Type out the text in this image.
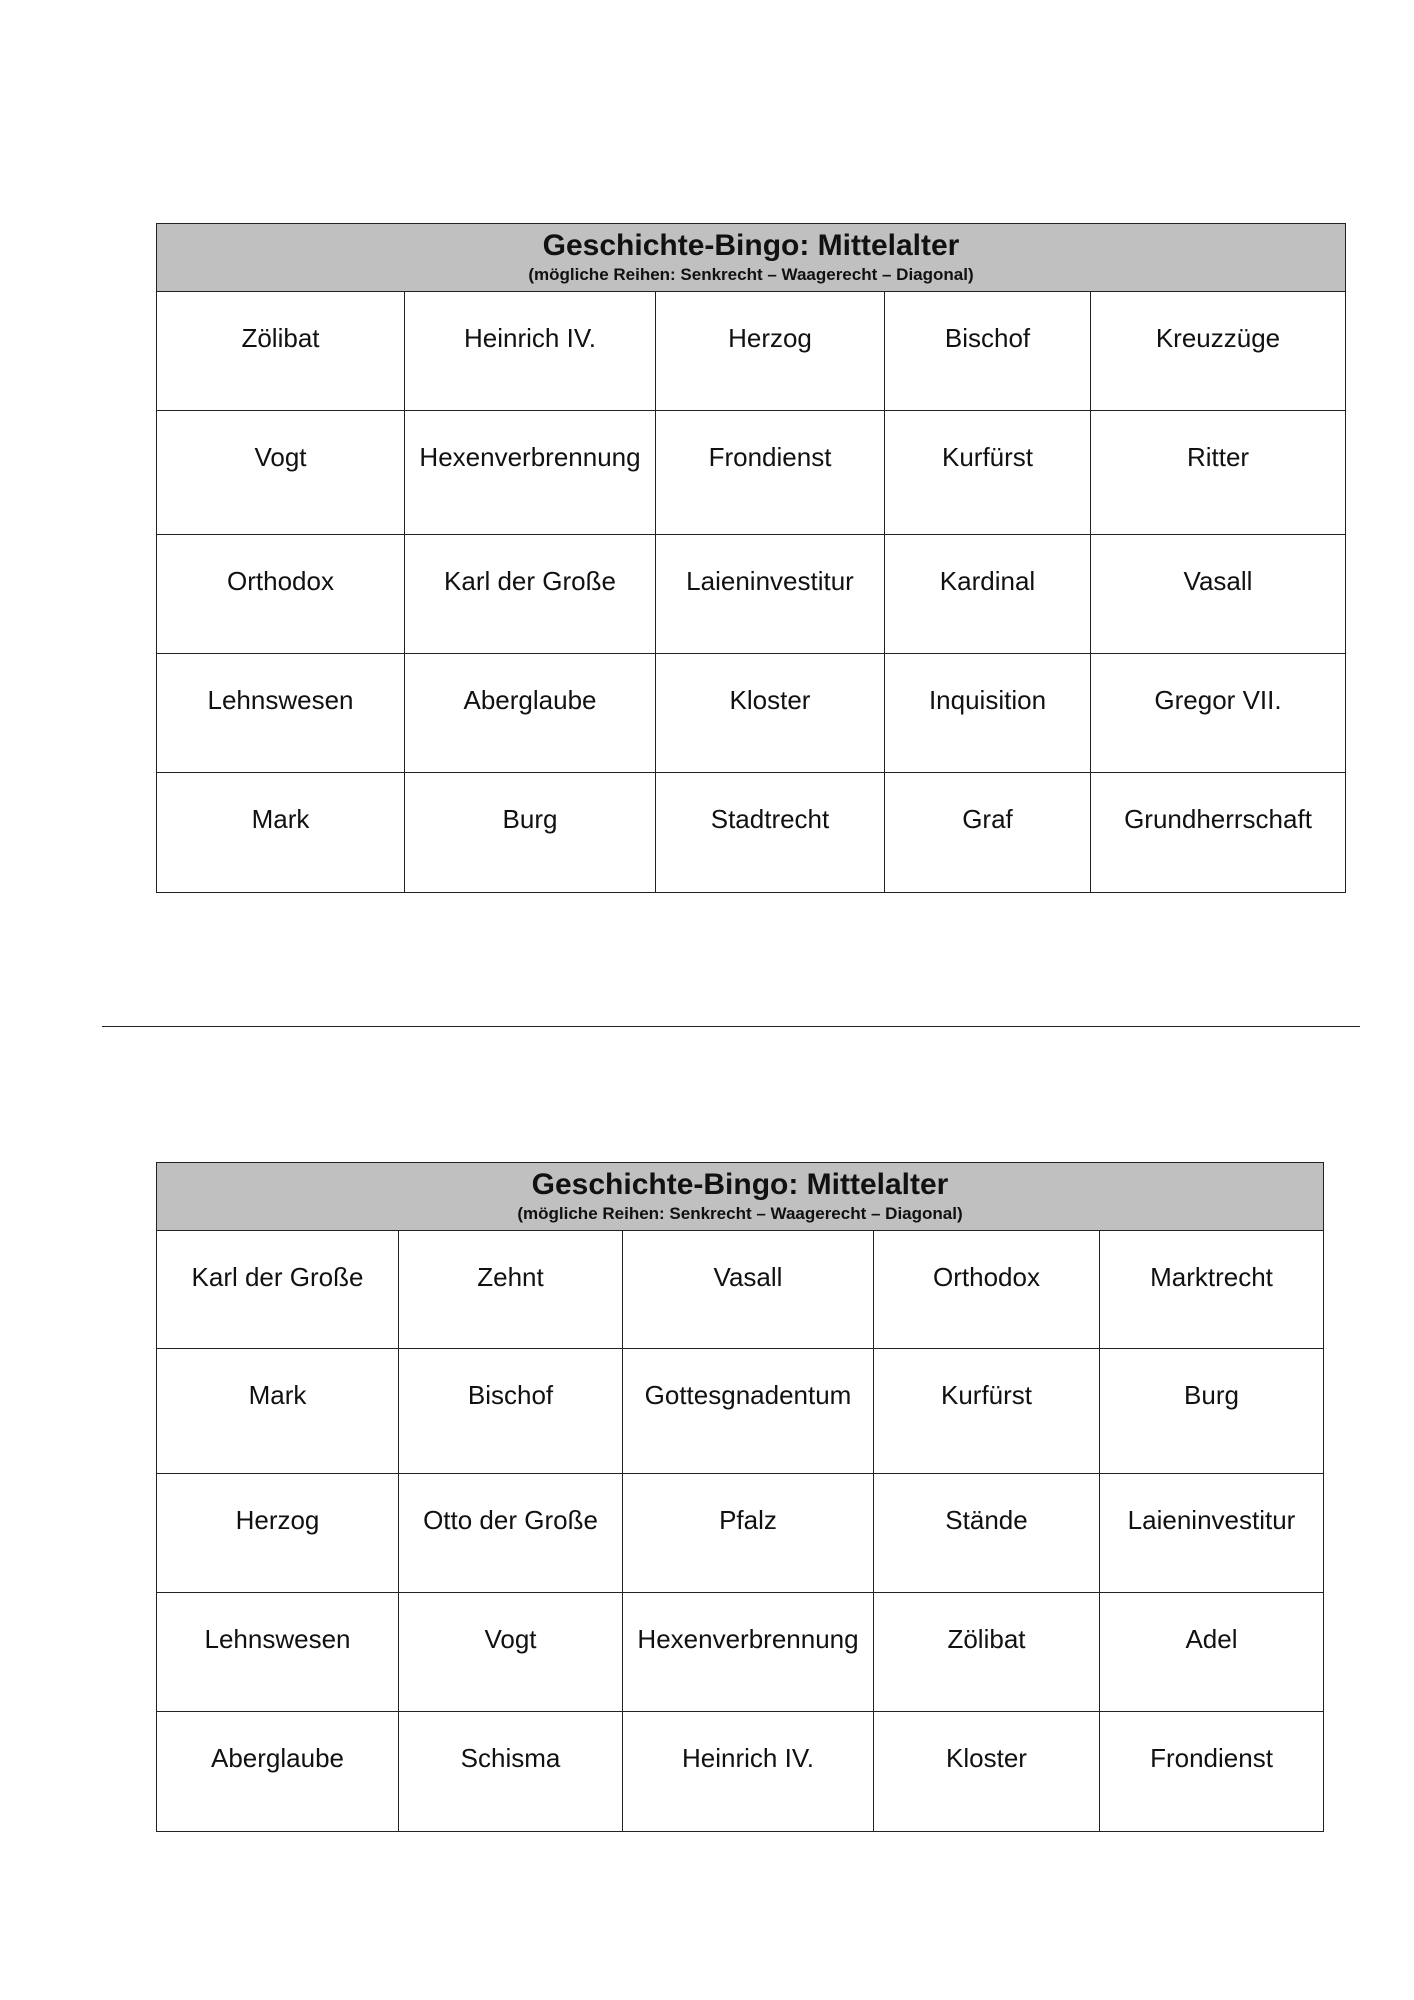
Geschichte-Bingo: Mittelalter
(mögliche Reihen: Senkrecht – Waagerecht – Diagonal)
Zölibat	Heinrich IV.	Herzog	Bischof	Kreuzzüge
Vogt	Hexenverbrennung	Frondienst	Kurfürst	Ritter
Orthodox	Karl der Große	Laieninvestitur	Kardinal	Vasall
Lehnswesen	Aberglaube	Kloster	Inquisition	Gregor VII.
Mark	Burg	Stadtrecht	Graf	Grundherrschaft
Geschichte-Bingo: Mittelalter
(mögliche Reihen: Senkrecht – Waagerecht – Diagonal)
Karl der Große	Zehnt	Vasall	Orthodox	Marktrecht
Mark	Bischof	Gottesgnadentum	Kurfürst	Burg
Herzog	Otto der Große	Pfalz	Stände	Laieninvestitur
Lehnswesen	Vogt	Hexenverbrennung	Zölibat	Adel
Aberglaube	Schisma	Heinrich IV.	Kloster	Frondienst
